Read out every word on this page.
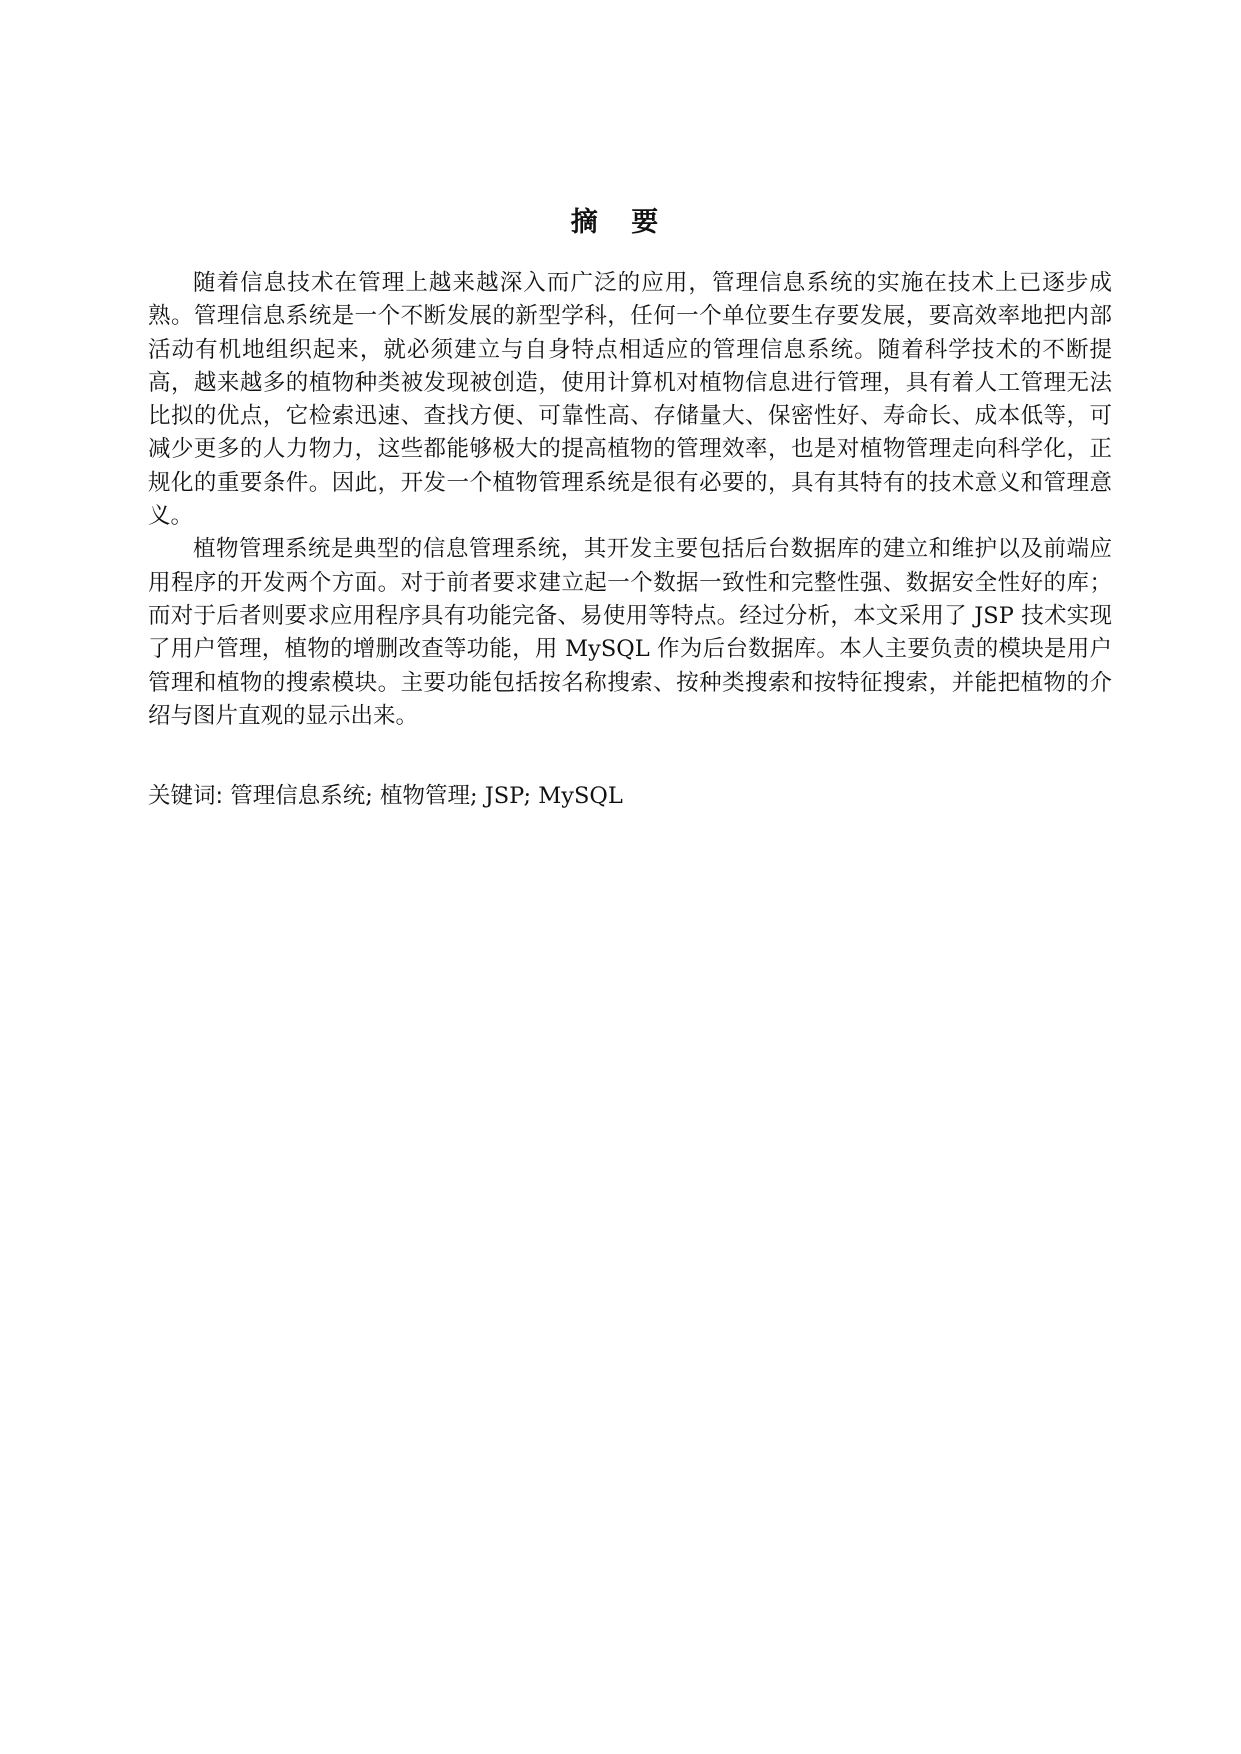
摘 要

随着信息技术在管理上越来越深入而广泛的应用，管理信息系统的实施在技术上已逐步成熟。管理信息系统是一个不断发展的新型学科，任何一个单位要生存要发展，要高效率地把内部活动有机地组织起来，就必须建立与自身特点相适应的管理信息系统。随着科学技术的不断提高，越来越多的植物种类被发现被创造，使用计算机对植物信息进行管理，具有着人工管理无法比拟的优点，它检索迅速、查找方便、可靠性高、存储量大、保密性好、寿命长、成本低等，可减少更多的人力物力，这些都能够极大的提高植物的管理效率，也是对植物管理走向科学化，正规化的重要条件。因此，开发一个植物管理系统是很有必要的，具有其特有的技术意义和管理意义。

植物管理系统是典型的信息管理系统，其开发主要包括后台数据库的建立和维护以及前端应用程序的开发两个方面。对于前者要求建立起一个数据一致性和完整性强、数据安全性好的库；而对于后者则要求应用程序具有功能完备、易使用等特点。经过分析，本文采用了 JSP 技术实现了用户管理，植物的增删改查等功能，用 MySQL 作为后台数据库。本人主要负责的模块是用户管理和植物的搜索模块。主要功能包括按名称搜索、按种类搜索和按特征搜索，并能把植物的介绍与图片直观的显示出来。

关键词: 管理信息系统; 植物管理; JSP; MySQL
